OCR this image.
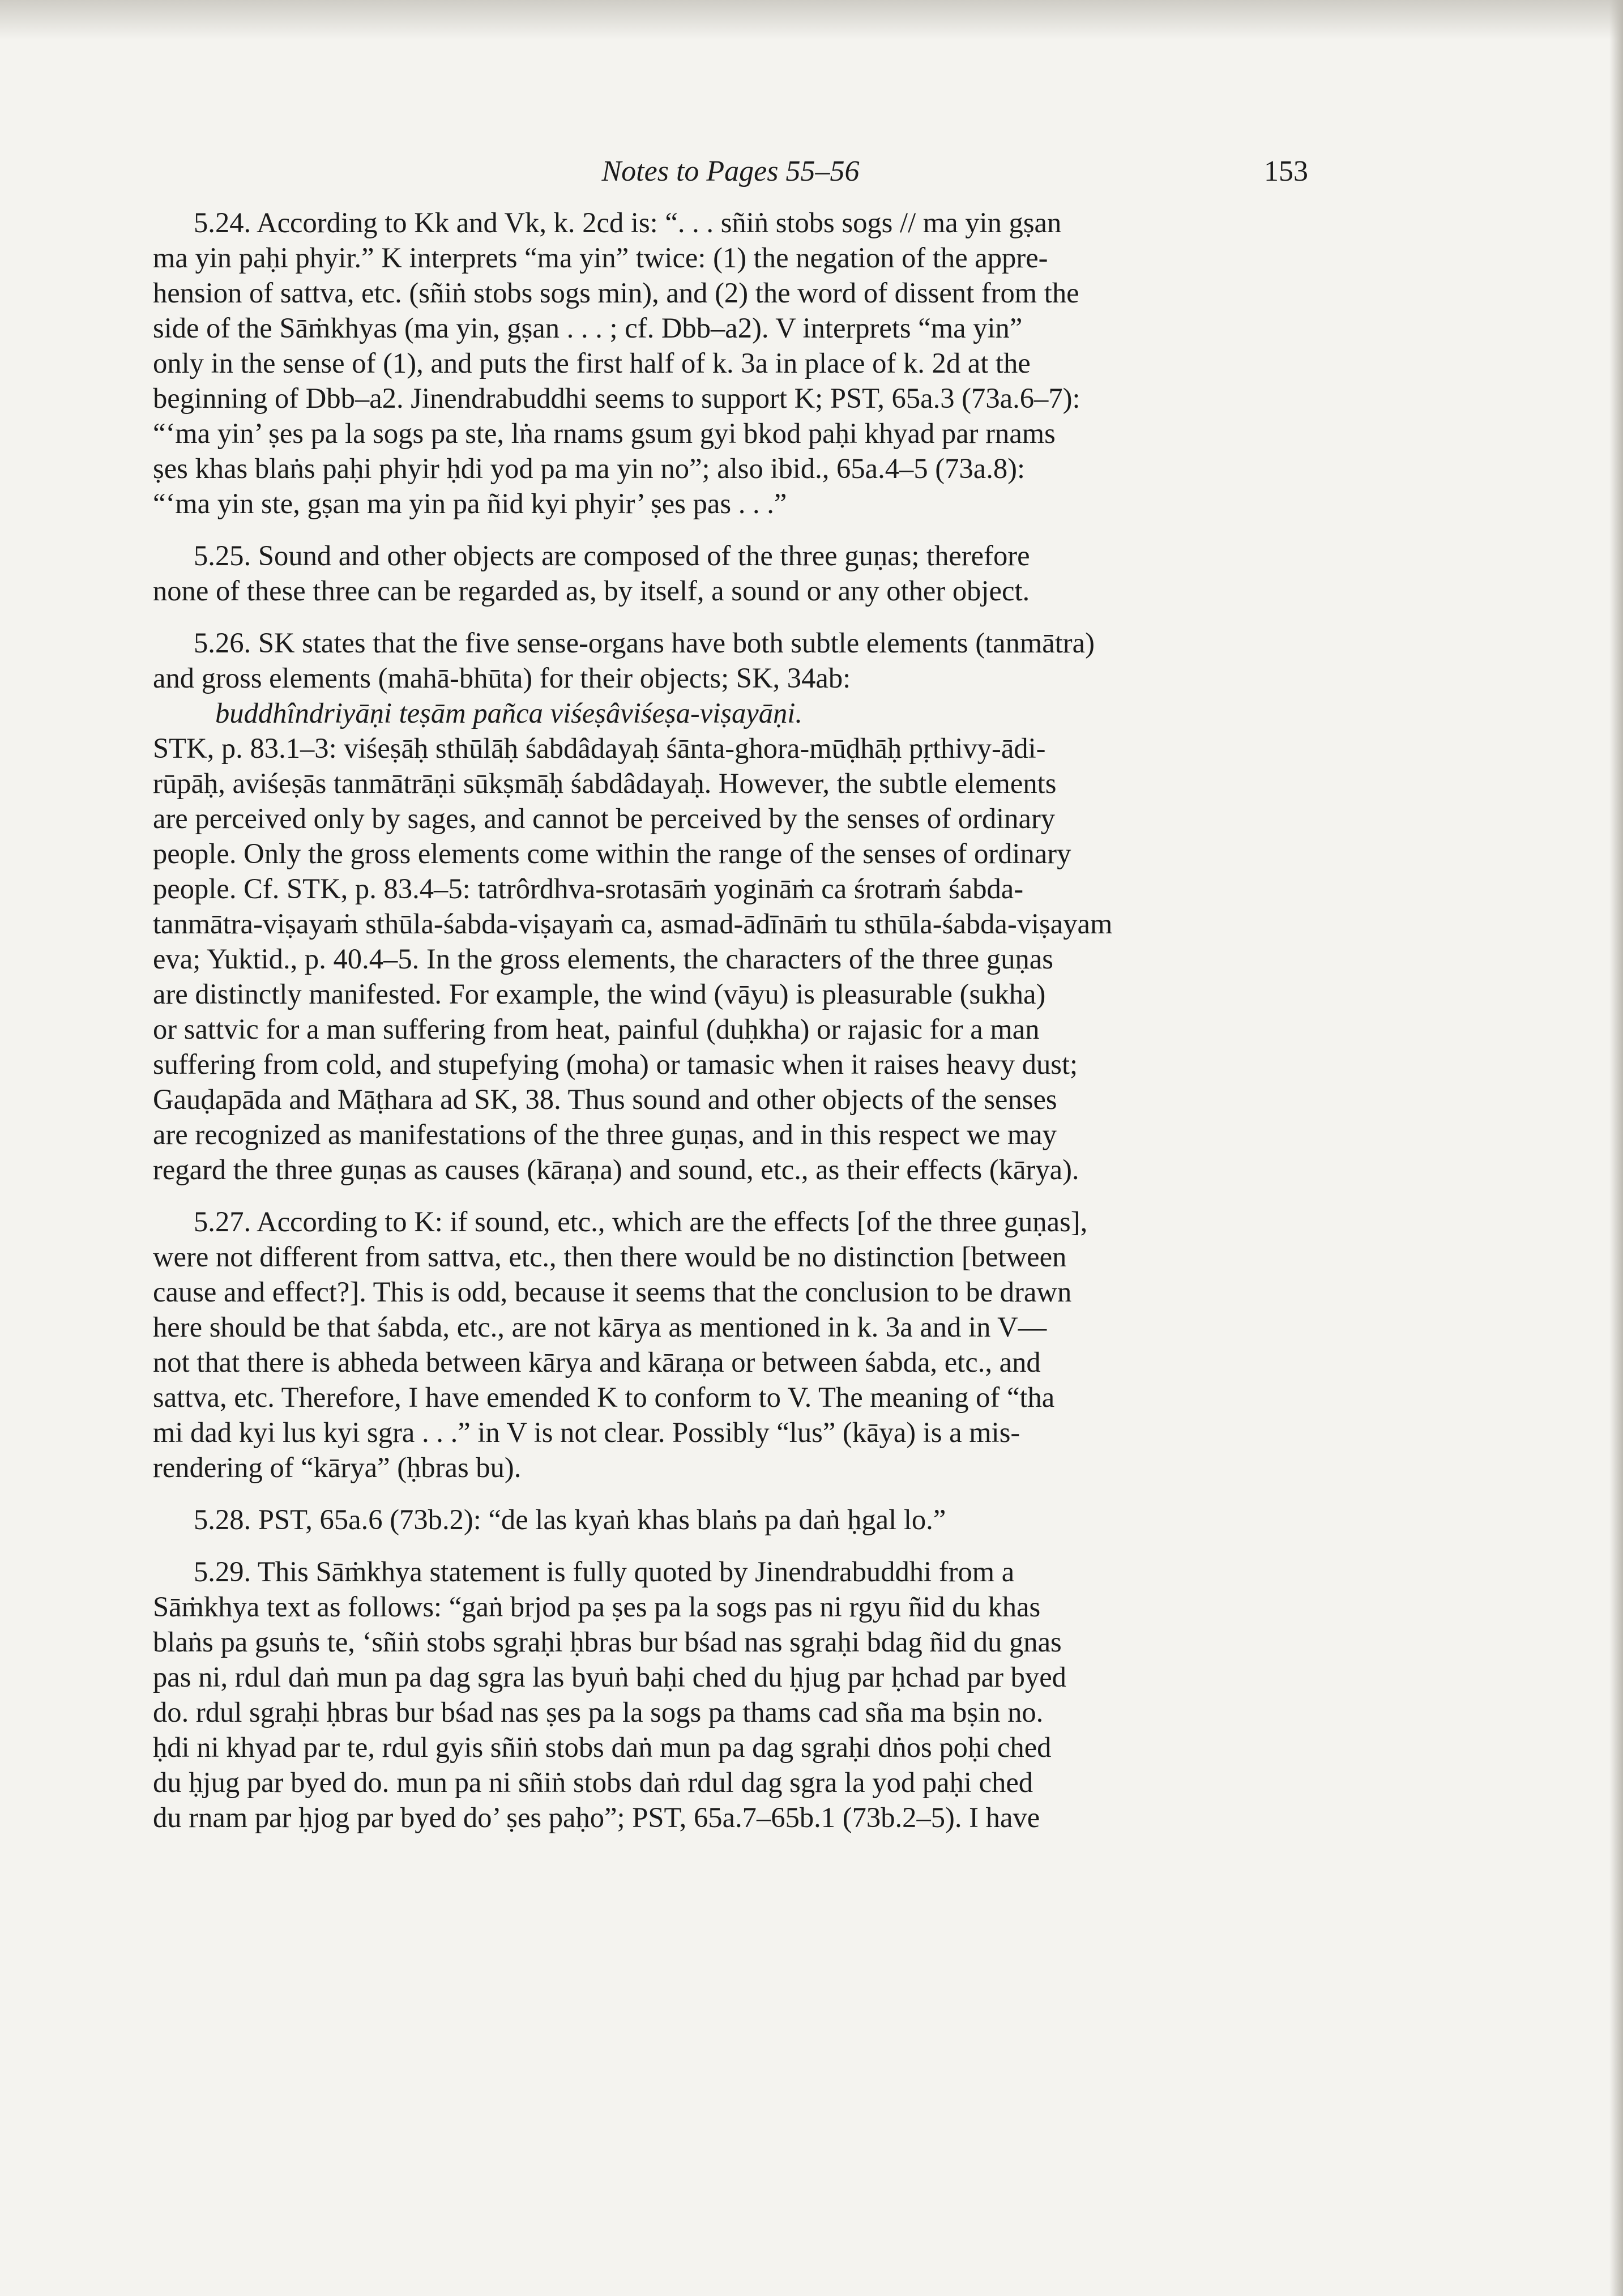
Notes to Pages 55–56	153
5.24. According to Kk and Vk, k. 2cd is: “. . . sñiṅ stobs sogs // ma yin gṣan
ma yin paḥi phyir.” K interprets “ma yin” twice: (1) the negation of the appre-
hension of sattva, etc. (sñiṅ stobs sogs min), and (2) the word of dissent from the
side of the Sāṁkhyas (ma yin, gṣan . . . ; cf. Dbb–a2). V interprets “ma yin”
only in the sense of (1), and puts the first half of k. 3a in place of k. 2d at the
beginning of Dbb–a2. Jinendrabuddhi seems to support K; PST, 65a.3 (73a.6–7):
“‘ma yin’ ṣes pa la sogs pa ste, lṅa rnams gsum gyi bkod paḥi khyad par rnams
ṣes khas blaṅs paḥi phyir ḥdi yod pa ma yin no”; also ibid., 65a.4–5 (73a.8):
“‘ma yin ste, gṣan ma yin pa ñid kyi phyir’ ṣes pas . . .”
5.25. Sound and other objects are composed of the three guṇas; therefore
none of these three can be regarded as, by itself, a sound or any other object.
5.26. SK states that the five sense-organs have both subtle elements (tanmātra)
and gross elements (mahā-bhūta) for their objects; SK, 34ab:
buddhîndriyāṇi teṣām pañca viśeṣâviśeṣa-viṣayāṇi.
STK, p. 83.1–3: viśeṣāḥ sthūlāḥ śabdâdayaḥ śānta-ghora-mūḍhāḥ pṛthivy-ādi-
rūpāḥ, aviśeṣās tanmātrāṇi sūkṣmāḥ śabdâdayaḥ. However, the subtle elements
are perceived only by sages, and cannot be perceived by the senses of ordinary
people. Only the gross elements come within the range of the senses of ordinary
people. Cf. STK, p. 83.4–5: tatrôrdhva-srotasāṁ yogināṁ ca śrotraṁ śabda-
tanmātra-viṣayaṁ sthūla-śabda-viṣayaṁ ca, asmad-ādīnāṁ tu sthūla-śabda-viṣayam
eva; Yuktid., p. 40.4–5. In the gross elements, the characters of the three guṇas
are distinctly manifested. For example, the wind (vāyu) is pleasurable (sukha)
or sattvic for a man suffering from heat, painful (duḥkha) or rajasic for a man
suffering from cold, and stupefying (moha) or tamasic when it raises heavy dust;
Gauḍapāda and Māṭhara ad SK, 38. Thus sound and other objects of the senses
are recognized as manifestations of the three guṇas, and in this respect we may
regard the three guṇas as causes (kāraṇa) and sound, etc., as their effects (kārya).
5.27. According to K: if sound, etc., which are the effects [of the three guṇas],
were not different from sattva, etc., then there would be no distinction [between
cause and effect?]. This is odd, because it seems that the conclusion to be drawn
here should be that śabda, etc., are not kārya as mentioned in k. 3a and in V—
not that there is abheda between kārya and kāraṇa or between śabda, etc., and
sattva, etc. Therefore, I have emended K to conform to V. The meaning of “tha
mi dad kyi lus kyi sgra . . .” in V is not clear. Possibly “lus” (kāya) is a mis-
rendering of “kārya” (ḥbras bu).
5.28. PST, 65a.6 (73b.2): “de las kyaṅ khas blaṅs pa daṅ ḥgal lo.”
5.29. This Sāṁkhya statement is fully quoted by Jinendrabuddhi from a
Sāṁkhya text as follows: “gaṅ brjod pa ṣes pa la sogs pas ni rgyu ñid du khas
blaṅs pa gsuṅs te, ‘sñiṅ stobs sgraḥi ḥbras bur bśad nas sgraḥi bdag ñid du gnas
pas ni, rdul daṅ mun pa dag sgra las byuṅ baḥi ched du ḥjug par ḥchad par byed
do. rdul sgraḥi ḥbras bur bśad nas ṣes pa la sogs pa thams cad sña ma bṣin no.
ḥdi ni khyad par te, rdul gyis sñiṅ stobs daṅ mun pa dag sgraḥi dṅos poḥi ched
du ḥjug par byed do. mun pa ni sñiṅ stobs daṅ rdul dag sgra la yod paḥi ched
du rnam par ḥjog par byed do’ ṣes paḥo”; PST, 65a.7–65b.1 (73b.2–5). I have
